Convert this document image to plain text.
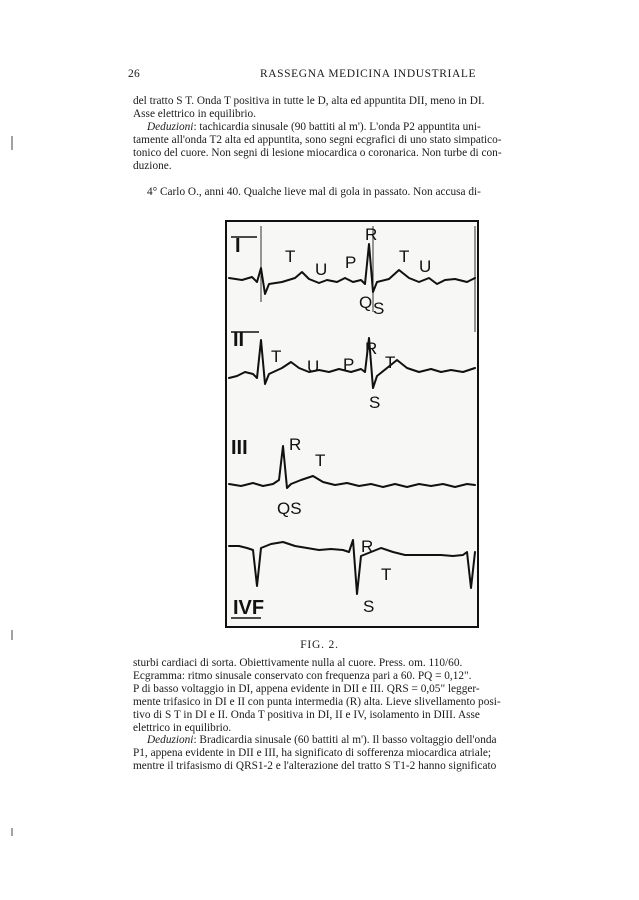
26	RASSEGNA MEDICINA INDUSTRIALE
del tratto S T. Onda T positiva in tutte le D, alta ed appuntita DII, meno in DI.
Asse elettrico in equilibrio.
Deduzioni: tachicardia sinusale (90 battiti al m'). L'onda P2 appuntita uni-
tamente all'onda T2 alta ed appuntita, sono segni ecgrafici di uno stato simpatico-
tonico del cuore. Non segni di lesione miocardica o coronarica. Non turbe di con-
duzione.
4° Carlo O., anni 40. Qualche lieve mal di gola in passato. Non accusa di-
I
R
T
U P	T
U
Q S
II
T
U P
R
T
S
III R
T
QS
R
T
S
IVF
FIG. 2.
sturbi cardiaci di sorta. Obiettivamente nulla al cuore. Press. om. 110/60.
Ecgramma: ritmo sinusale conservato con frequenza pari a 60. PQ = 0,12".
P di basso voltaggio in DI, appena evidente in DII e III. QRS = 0,05" legger-
mente trifasico in DI e II con punta intermedia (R) alta. Lieve slivellamento posi-
tivo di S T in DI e II. Onda T positiva in DI, II e IV, isolamento in DIII. Asse
elettrico in equilibrio.
Deduzioni: Bradicardia sinusale (60 battiti al m'). Il basso voltaggio dell'onda
P1, appena evidente in DII e III, ha significato di sofferenza miocardica atriale;
mentre il trifasismo di QRS1-2 e l'alterazione del tratto S T1-2 hanno significato
